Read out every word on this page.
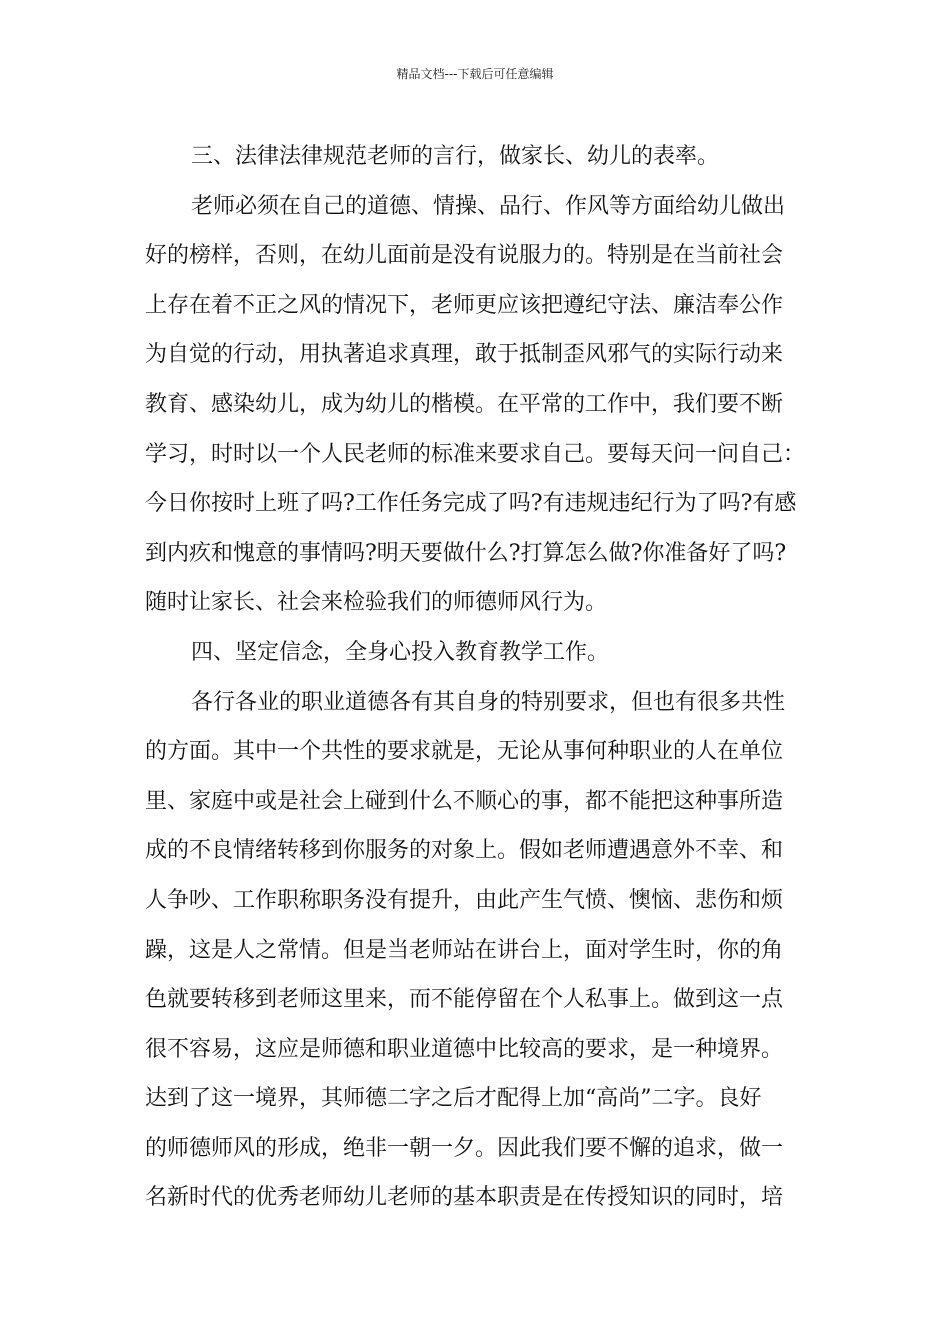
精品文档---下载后可任意编辑
三、法律法律规范老师的言行，做家长、幼儿的表率。
老师必须在自己的道德、情操、品行、作风等方面给幼儿做出
好的榜样，否则，在幼儿面前是没有说服力的。特别是在当前社会
上存在着不正之风的情况下，老师更应该把遵纪守法、廉洁奉公作
为自觉的行动，用执著追求真理，敢于抵制歪风邪气的实际行动来
教育、感染幼儿，成为幼儿的楷模。在平常的工作中，我们要不断
学习，时时以一个人民老师的标准来要求自己。要每天问一问自己：
今日你按时上班了吗?工作任务完成了吗?有违规违纪行为了吗?有感
到内疚和愧意的事情吗?明天要做什么?打算怎么做?你准备好了吗?
随时让家长、社会来检验我们的师德师风行为。
四、坚定信念，全身心投入教育教学工作。
各行各业的职业道德各有其自身的特别要求，但也有很多共性
的方面。其中一个共性的要求就是，无论从事何种职业的人在单位
里、家庭中或是社会上碰到什么不顺心的事，都不能把这种事所造
成的不良情绪转移到你服务的对象上。假如老师遭遇意外不幸、和
人争吵、工作职称职务没有提升，由此产生气愤、懊恼、悲伤和烦
躁，这是人之常情。但是当老师站在讲台上，面对学生时，你的角
色就要转移到老师这里来，而不能停留在个人私事上。做到这一点
很不容易，这应是师德和职业道德中比较高的要求，是一种境界。
达到了这一境界，其师德二字之后才配得上加“高尚”二字。良好
的师德师风的形成，绝非一朝一夕。因此我们要不懈的追求，做一
名新时代的优秀老师幼儿老师的基本职责是在传授知识的同时，培
